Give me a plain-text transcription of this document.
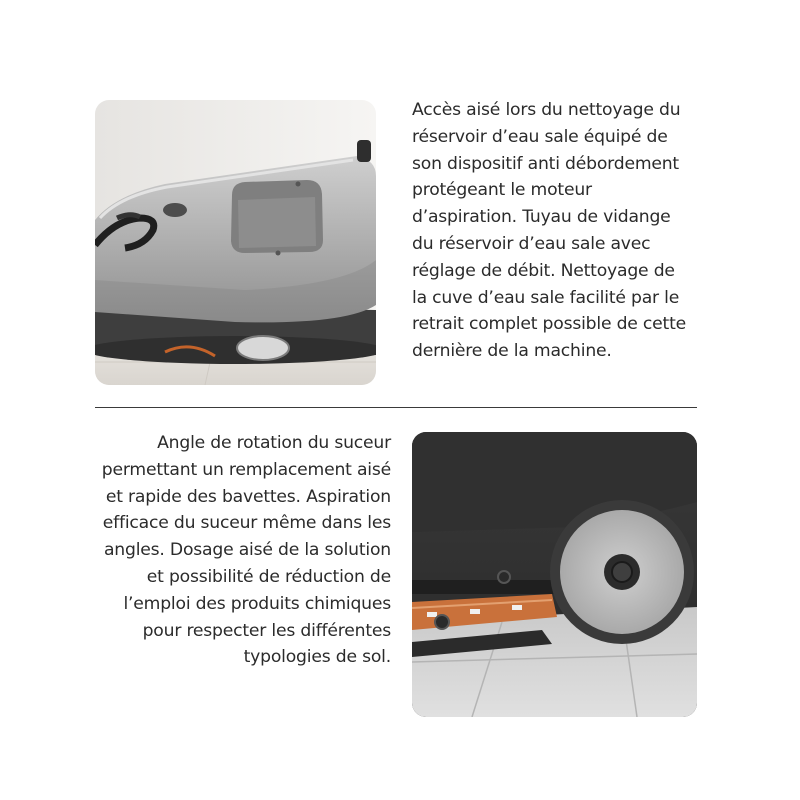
Accès aisé lors du nettoyage du
réservoir d’eau sale équipé de
son dispositif anti débordement
protégeant le moteur
d’aspiration. Tuyau de vidange
du réservoir d’eau sale avec
réglage de débit. Nettoyage de
la cuve d’eau sale facilité par le
retrait complet possible de cette
dernière de la machine.

Angle de rotation du suceur
permettant un remplacement aisé
et rapide des bavettes. Aspiration
efficace du suceur même dans les
angles. Dosage aisé de la solution
et possibilité de réduction de
l’emploi des produits chimiques
pour respecter les différentes
typologies de sol.
